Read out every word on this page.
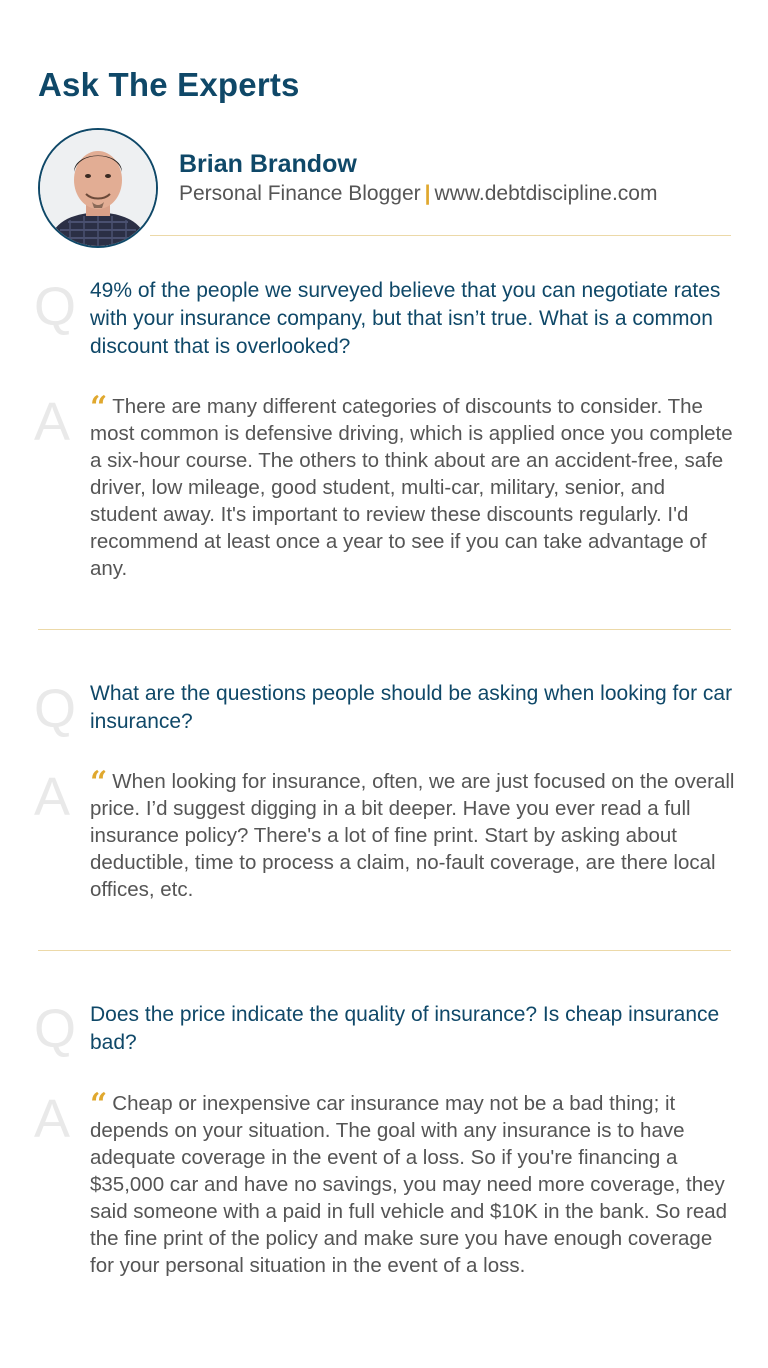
Ask The Experts
Brian Brandow
Personal Finance Blogger | www.debtdiscipline.com
Q 49% of the people we surveyed believe that you can negotiate rates with your insurance company, but that isn’t true. What is a common discount that is overlooked?
A “ There are many different categories of discounts to consider. The most common is defensive driving, which is applied once you complete a six-hour course. The others to think about are an accident-free, safe driver, low mileage, good student, multi-car, military, senior, and student away. It's important to review these discounts regularly. I'd recommend at least once a year to see if you can take advantage of any.
Q What are the questions people should be asking when looking for car insurance?
A “ When looking for insurance, often, we are just focused on the overall price. I’d suggest digging in a bit deeper. Have you ever read a full insurance policy? There's a lot of fine print. Start by asking about deductible, time to process a claim, no-fault coverage, are there local offices, etc.
Q Does the price indicate the quality of insurance? Is cheap insurance bad?
A “ Cheap or inexpensive car insurance may not be a bad thing; it depends on your situation. The goal with any insurance is to have adequate coverage in the event of a loss. So if you're financing a $35,000 car and have no savings, you may need more coverage, they said someone with a paid in full vehicle and $10K in the bank. So read the fine print of the policy and make sure you have enough coverage for your personal situation in the event of a loss.
